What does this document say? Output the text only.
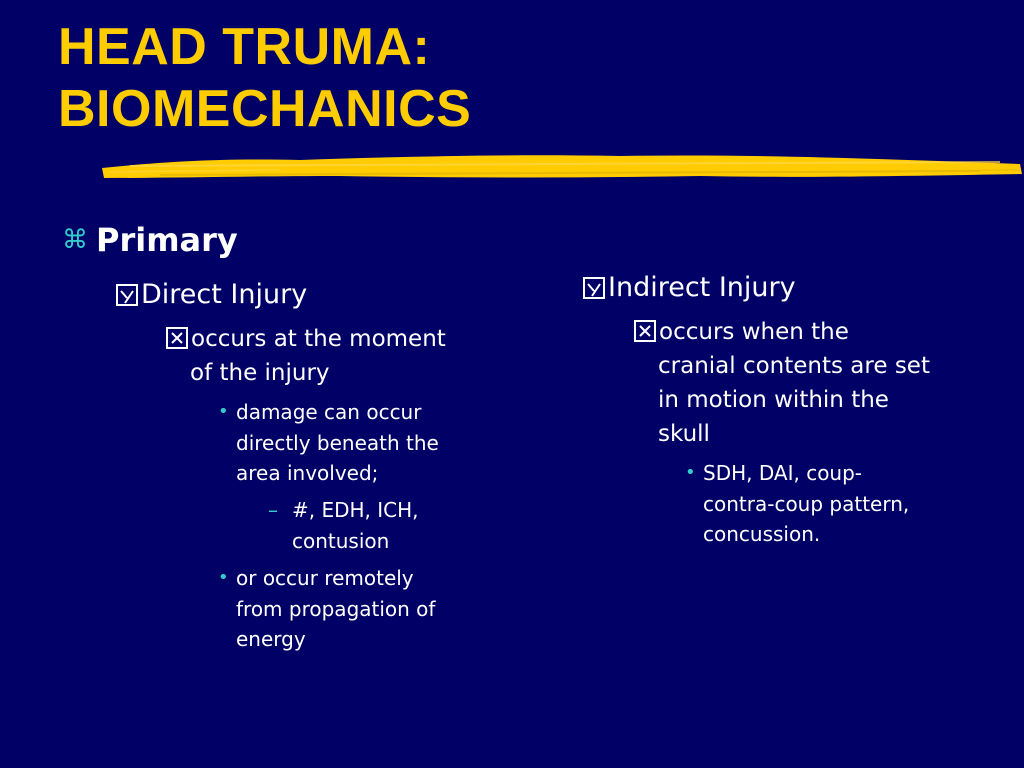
HEAD TRUMA:
BIOMECHANICS
⌘ Primary
Direct Injury
occurs at the moment
of the injury
• damage can occur
directly beneath the
area involved;
– #, EDH, ICH,
contusion
• or occur remotely
from propagation of
energy
Indirect Injury
occurs when the
cranial contents are set
in motion within the
skull
• SDH, DAI, coup-
contra-coup pattern,
concussion.
